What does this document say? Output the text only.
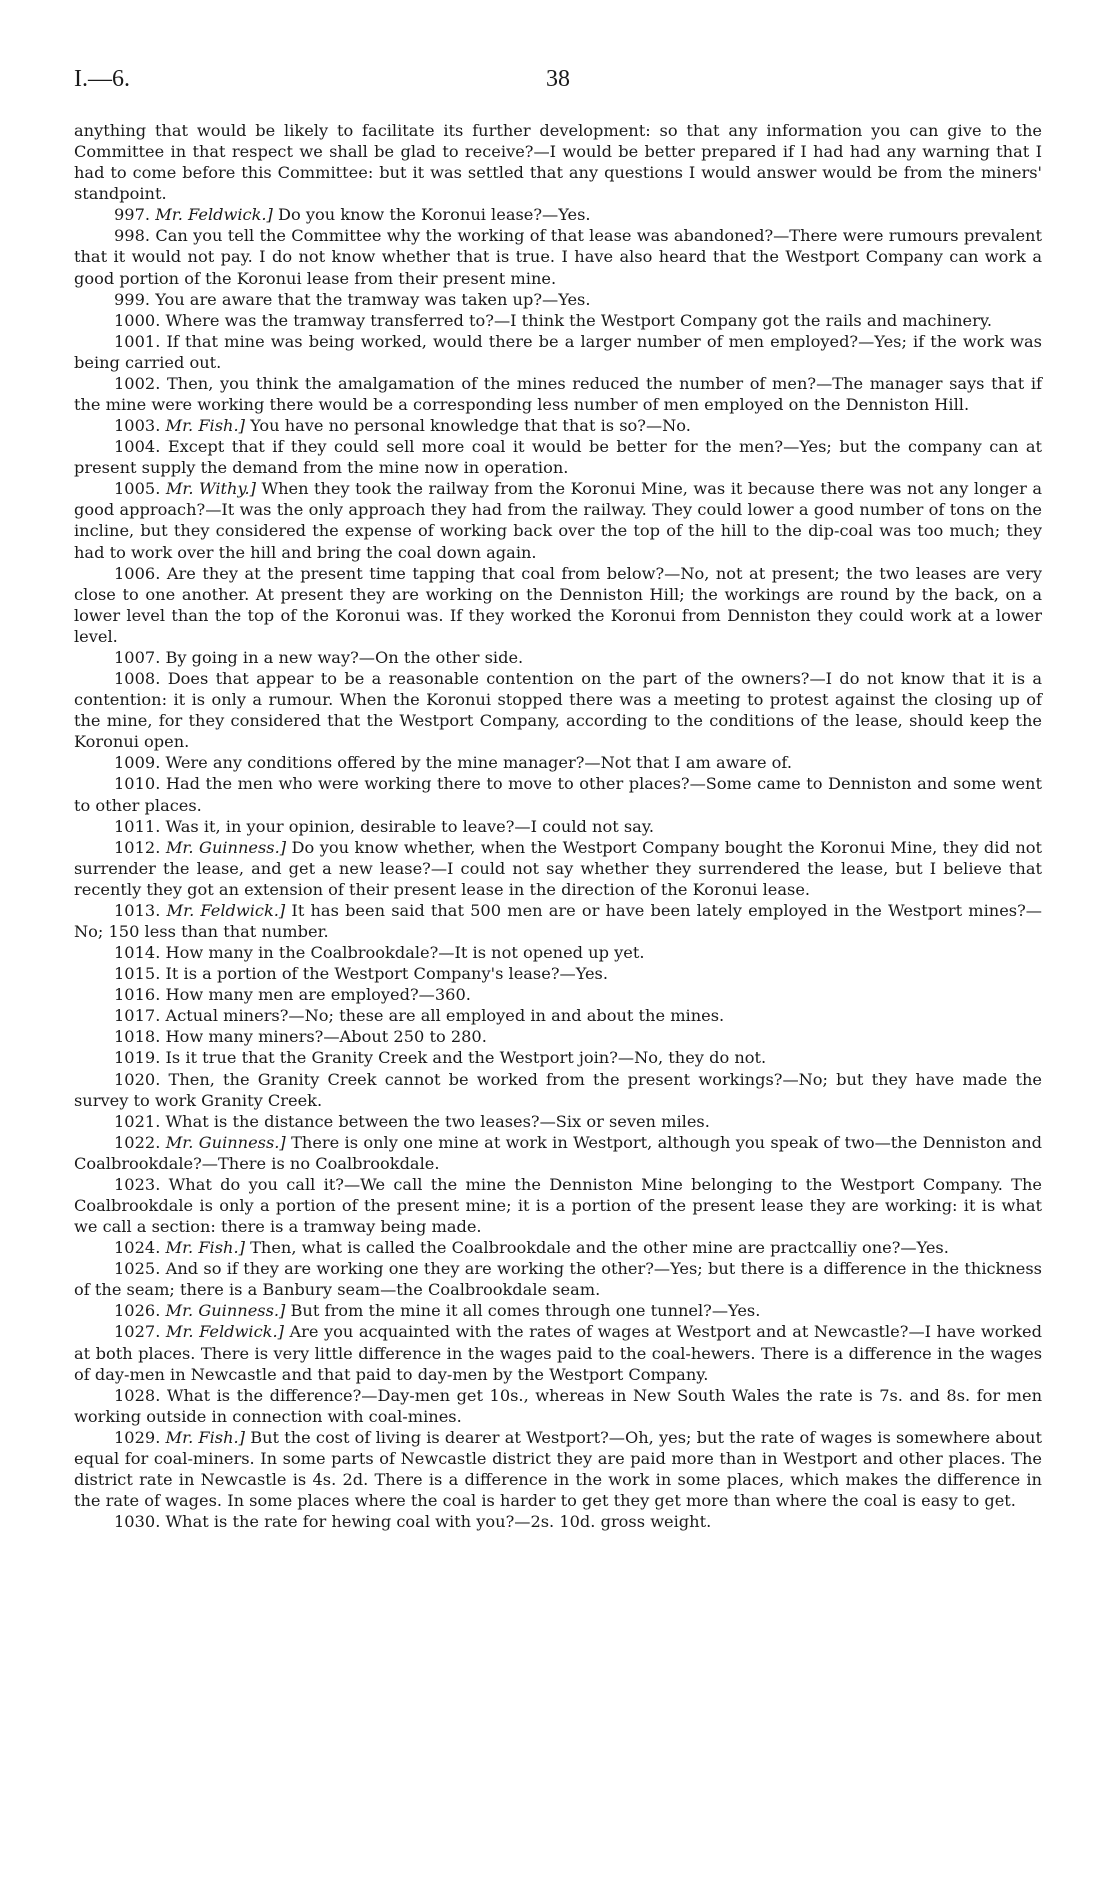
I.—6.	38

anything that would be likely to facilitate its further development: so that any information you can give to the Committee in that respect we shall be glad to receive?—I would be better prepared if I had had any warning that I had to come before this Committee: but it was settled that any questions I would answer would be from the miners' standpoint.

997. Mr. Feldwick.] Do you know the Koronui lease?—Yes.

998. Can you tell the Committee why the working of that lease was abandoned?—There were rumours prevalent that it would not pay. I do not know whether that is true. I have also heard that the Westport Company can work a good portion of the Koronui lease from their present mine.

999. You are aware that the tramway was taken up?—Yes.

1000. Where was the tramway transferred to?—I think the Westport Company got the rails and machinery.

1001. If that mine was being worked, would there be a larger number of men employed?—Yes; if the work was being carried out.

1002. Then, you think the amalgamation of the mines reduced the number of men?—The manager says that if the mine were working there would be a corresponding less number of men employed on the Denniston Hill.

1003. Mr. Fish.] You have no personal knowledge that that is so?—No.

1004. Except that if they could sell more coal it would be better for the men?—Yes; but the company can at present supply the demand from the mine now in operation.

1005. Mr. Withy.] When they took the railway from the Koronui Mine, was it because there was not any longer a good approach?—It was the only approach they had from the railway. They could lower a good number of tons on the incline, but they considered the expense of working back over the top of the hill to the dip-coal was too much; they had to work over the hill and bring the coal down again.

1006. Are they at the present time tapping that coal from below?—No, not at present; the two leases are very close to one another. At present they are working on the Denniston Hill; the workings are round by the back, on a lower level than the top of the Koronui was. If they worked the Koronui from Denniston they could work at a lower level.

1007. By going in a new way?—On the other side.

1008. Does that appear to be a reasonable contention on the part of the owners?—I do not know that it is a contention: it is only a rumour. When the Koronui stopped there was a meeting to protest against the closing up of the mine, for they considered that the Westport Company, according to the conditions of the lease, should keep the Koronui open.

1009. Were any conditions offered by the mine manager?—Not that I am aware of.

1010. Had the men who were working there to move to other places?—Some came to Denniston and some went to other places.

1011. Was it, in your opinion, desirable to leave?—I could not say.

1012. Mr. Guinness.] Do you know whether, when the Westport Company bought the Koronui Mine, they did not surrender the lease, and get a new lease?—I could not say whether they surrendered the lease, but I believe that recently they got an extension of their present lease in the direction of the Koronui lease.

1013. Mr. Feldwick.] It has been said that 500 men are or have been lately employed in the Westport mines?—No; 150 less than that number.

1014. How many in the Coalbrookdale?—It is not opened up yet.

1015. It is a portion of the Westport Company's lease?—Yes.

1016. How many men are employed?—360.

1017. Actual miners?—No; these are all employed in and about the mines.

1018. How many miners?—About 250 to 280.

1019. Is it true that the Granity Creek and the Westport join?—No, they do not.

1020. Then, the Granity Creek cannot be worked from the present workings?—No; but they have made the survey to work Granity Creek.

1021. What is the distance between the two leases?—Six or seven miles.

1022. Mr. Guinness.] There is only one mine at work in Westport, although you speak of two—the Denniston and Coalbrookdale?—There is no Coalbrookdale.

1023. What do you call it?—We call the mine the Denniston Mine belonging to the Westport Company. The Coalbrookdale is only a portion of the present mine; it is a portion of the present lease they are working: it is what we call a section: there is a tramway being made.

1024. Mr. Fish.] Then, what is called the Coalbrookdale and the other mine are practcalliy one?—Yes.

1025. And so if they are working one they are working the other?—Yes; but there is a difference in the thickness of the seam; there is a Banbury seam—the Coalbrookdale seam.

1026. Mr. Guinness.] But from the mine it all comes through one tunnel?—Yes.

1027. Mr. Feldwick.] Are you acquainted with the rates of wages at Westport and at Newcastle?—I have worked at both places. There is very little difference in the wages paid to the coal-hewers. There is a difference in the wages of day-men in Newcastle and that paid to day-men by the Westport Company.

1028. What is the difference?—Day-men get 10s., whereas in New South Wales the rate is 7s. and 8s. for men working outside in connection with coal-mines.

1029. Mr. Fish.] But the cost of living is dearer at Westport?—Oh, yes; but the rate of wages is somewhere about equal for coal-miners. In some parts of Newcastle district they are paid more than in Westport and other places. The district rate in Newcastle is 4s. 2d. There is a difference in the work in some places, which makes the difference in the rate of wages. In some places where the coal is harder to get they get more than where the coal is easy to get.

1030. What is the rate for hewing coal with you?—2s. 10d. gross weight.
